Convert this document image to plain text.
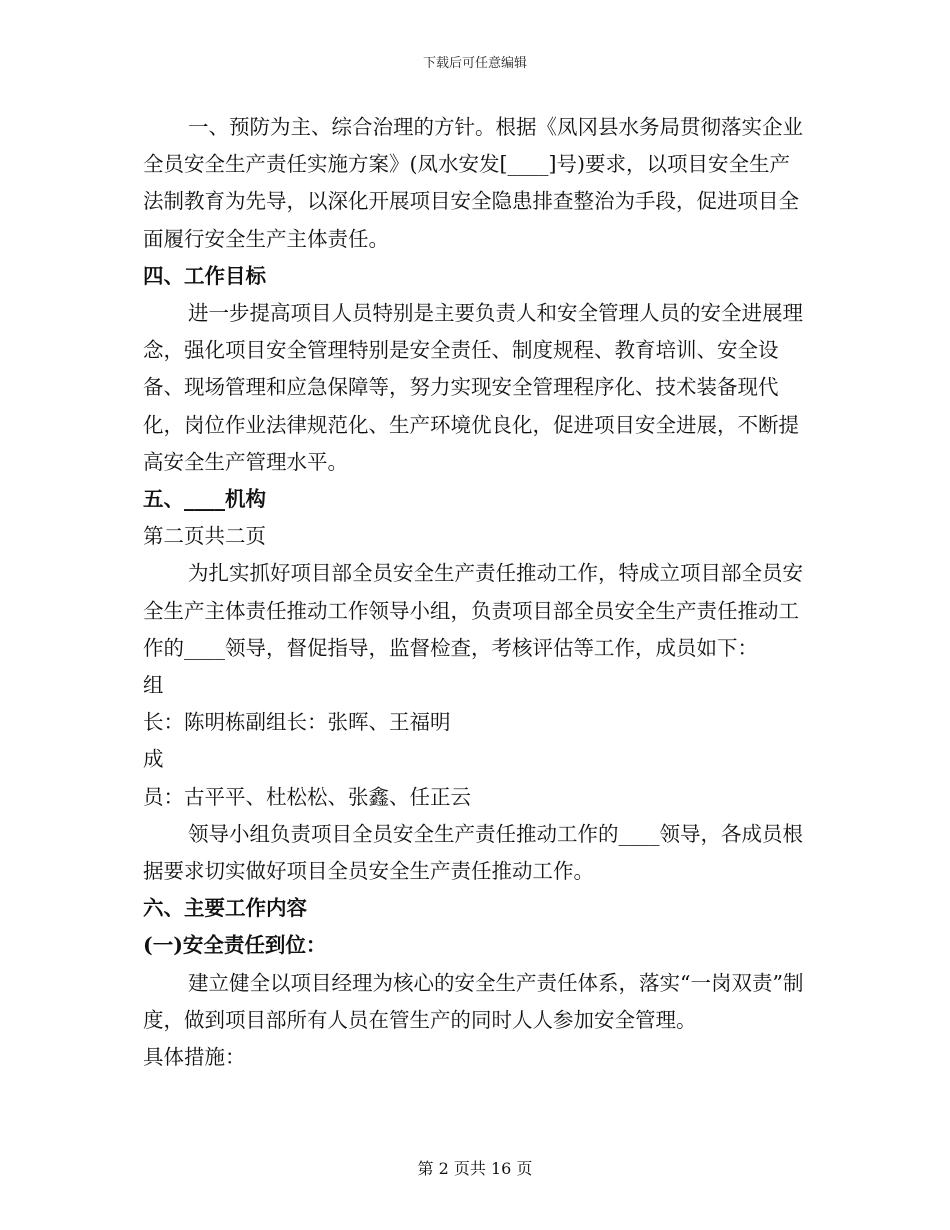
下载后可任意编辑

一、预防为主、综合治理的方针。根据《凤冈县水务局贯彻落实企业全员安全生产责任实施方案》(凤水安发[____]号)要求，以项目安全生产法制教育为先导，以深化开展项目安全隐患排查整治为手段，促进项目全面履行安全生产主体责任。

四、工作目标

进一步提高项目人员特别是主要负责人和安全管理人员的安全进展理念，强化项目安全管理特别是安全责任、制度规程、教育培训、安全设备、现场管理和应急保障等，努力实现安全管理程序化、技术装备现代化，岗位作业法律规范化、生产环境优良化，促进项目安全进展，不断提高安全生产管理水平。

五、____机构

第二页共二页

为扎实抓好项目部全员安全生产责任推动工作，特成立项目部全员安全生产主体责任推动工作领导小组，负责项目部全员安全生产责任推动工作的____领导，督促指导，监督检查，考核评估等工作，成员如下：

组

长：陈明栋副组长：张晖、王福明

成

员：古平平、杜松松、张鑫、任正云

领导小组负责项目全员安全生产责任推动工作的____领导，各成员根据要求切实做好项目全员安全生产责任推动工作。

六、主要工作内容

(一)安全责任到位：

建立健全以项目经理为核心的安全生产责任体系，落实“一岗双责”制度，做到项目部所有人员在管生产的同时人人参加安全管理。

具体措施：

第 2 页共 16 页
